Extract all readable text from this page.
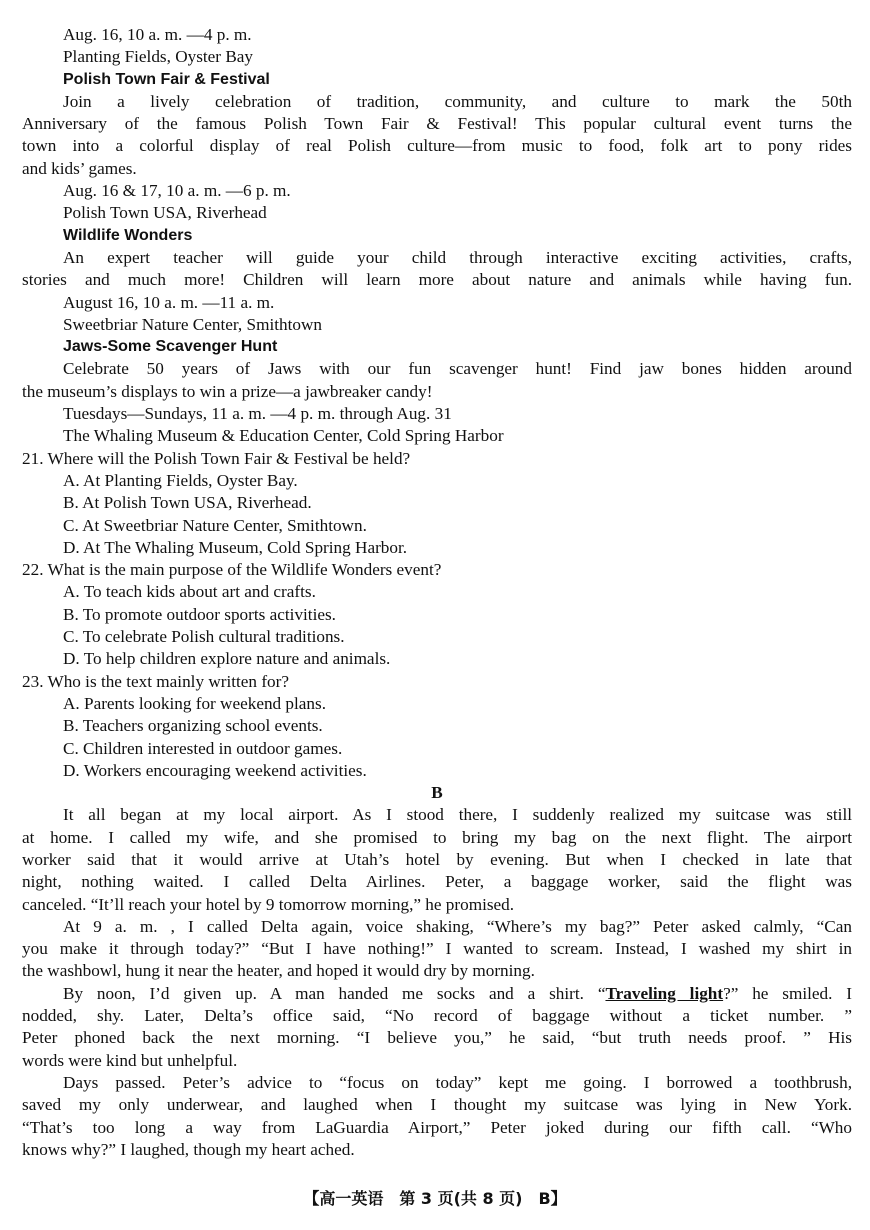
Aug. 16, 10 a. m. —4 p. m.
Planting Fields, Oyster Bay
Polish Town Fair & Festival
Join a lively celebration of tradition, community, and culture to mark the 50th
Anniversary of the famous Polish Town Fair & Festival! This popular cultural event turns the
town into a colorful display of real Polish culture—from music to food, folk art to pony rides
and kids’ games.
Aug. 16 & 17, 10 a. m. —6 p. m.
Polish Town USA, Riverhead
Wildlife Wonders
An expert teacher will guide your child through interactive exciting activities, crafts,
stories and much more! Children will learn more about nature and animals while having fun.
August 16, 10 a. m. —11 a. m.
Sweetbriar Nature Center, Smithtown
Jaws-Some Scavenger Hunt
Celebrate 50 years of Jaws with our fun scavenger hunt! Find jaw bones hidden around
the museum’s displays to win a prize—a jawbreaker candy!
Tuesdays—Sundays, 11 a. m. —4 p. m. through Aug. 31
The Whaling Museum & Education Center, Cold Spring Harbor
21. Where will the Polish Town Fair & Festival be held?
A. At Planting Fields, Oyster Bay.
B. At Polish Town USA, Riverhead.
C. At Sweetbriar Nature Center, Smithtown.
D. At The Whaling Museum, Cold Spring Harbor.
22. What is the main purpose of the Wildlife Wonders event?
A. To teach kids about art and crafts.
B. To promote outdoor sports activities.
C. To celebrate Polish cultural traditions.
D. To help children explore nature and animals.
23. Who is the text mainly written for?
A. Parents looking for weekend plans.
B. Teachers organizing school events.
C. Children interested in outdoor games.
D. Workers encouraging weekend activities.
B
It all began at my local airport. As I stood there, I suddenly realized my suitcase was still
at home. I called my wife, and she promised to bring my bag on the next flight. The airport
worker said that it would arrive at Utah’s hotel by evening. But when I checked in late that
night, nothing waited. I called Delta Airlines. Peter, a baggage worker, said the flight was
canceled. “It’ll reach your hotel by 9 tomorrow morning,” he promised.
At 9 a. m. , I called Delta again, voice shaking, “Where’s my bag?” Peter asked calmly, “Can
you make it through today?” “But I have nothing!” I wanted to scream. Instead, I washed my shirt in
the washbowl, hung it near the heater, and hoped it would dry by morning.
By noon, I’d given up. A man handed me socks and a shirt. “Traveling light?” he smiled. I
nodded, shy. Later, Delta’s office said, “No record of baggage without a ticket number. ”
Peter phoned back the next morning. “I believe you,” he said, “but truth needs proof. ” His
words were kind but unhelpful.
Days passed. Peter’s advice to “focus on today” kept me going. I borrowed a toothbrush,
saved my only underwear, and laughed when I thought my suitcase was lying in New York.
“That’s too long a way from LaGuardia Airport,” Peter joked during our fifth call. “Who
knows why?” I laughed, though my heart ached.
【高一英语　第 3 页(共 8 页)　B】
